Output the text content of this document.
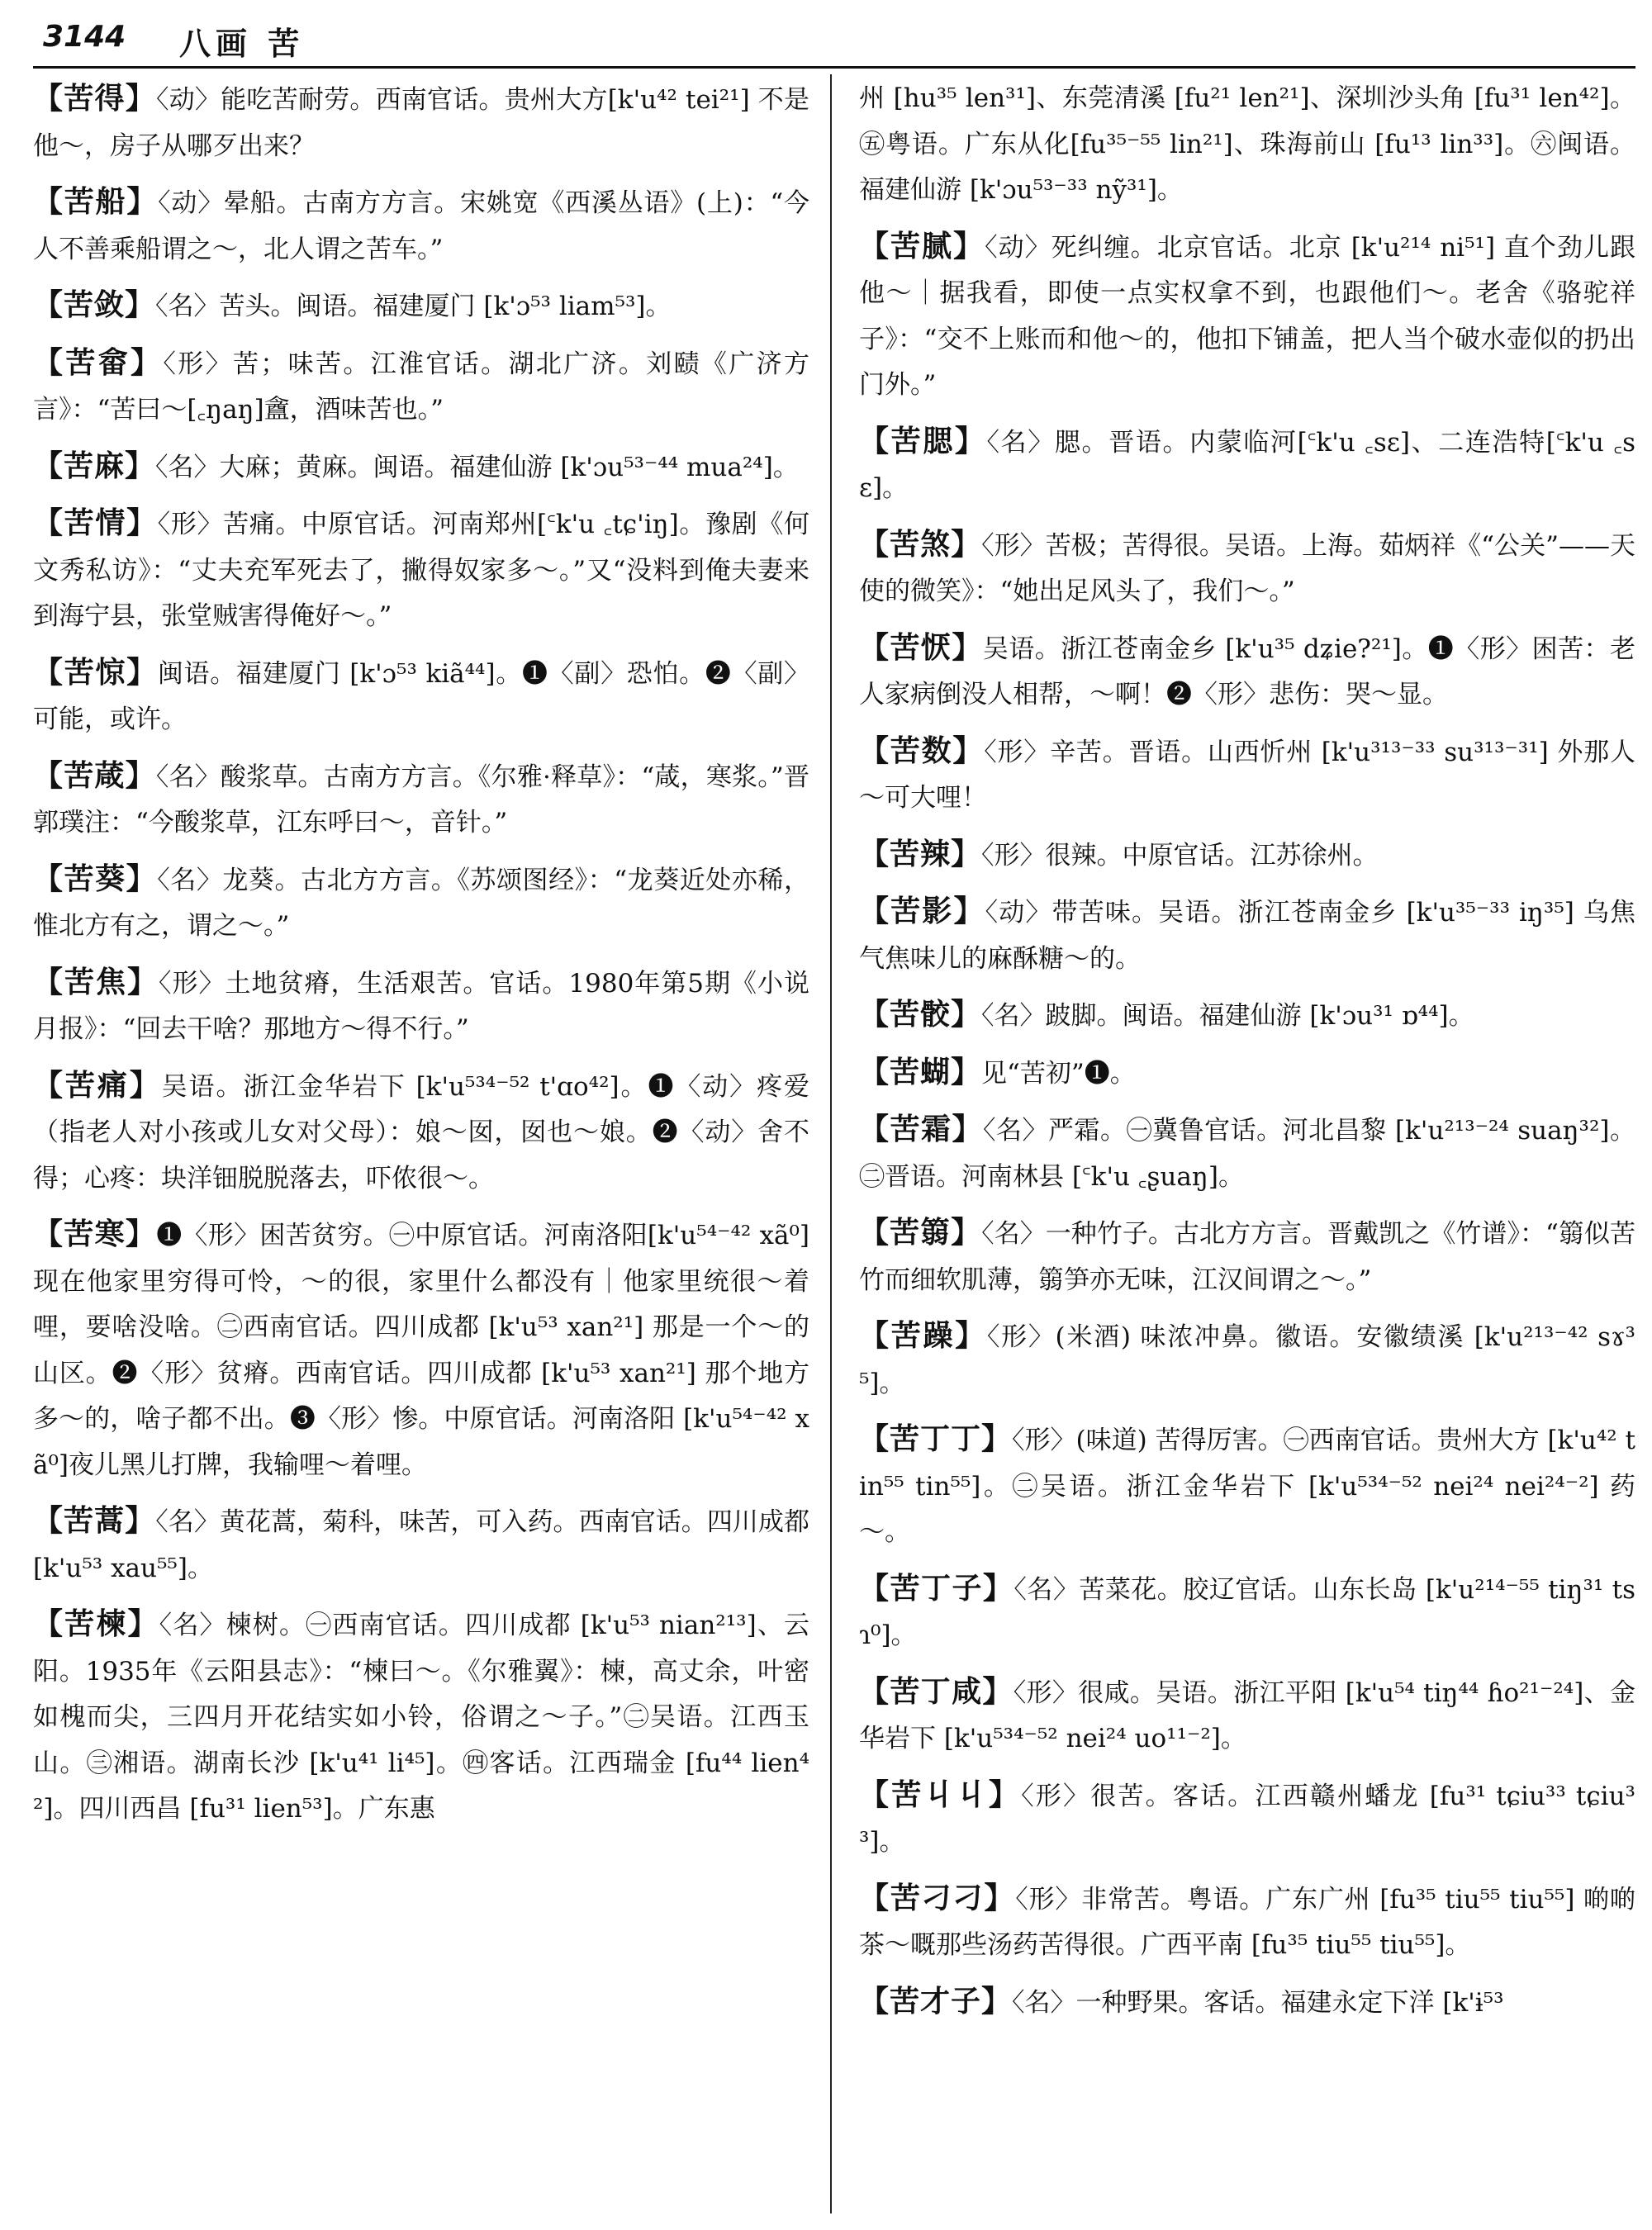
3144 八画 苦
【苦得】〈动〉能吃苦耐劳。西南官话。贵州大方[k'u⁴² tei²¹] 不是他～，房子从哪歹出来？
【苦船】〈动〉晕船。古南方方言。宋姚宽《西溪丛语》(上)：“今人不善乘船谓之～，北人谓之苦车。”
【苦敛】〈名〉苦头。闽语。福建厦门 [k'ɔ⁵³ liam⁵³]。
【苦畲】〈形〉苦；味苦。江淮官话。湖北广济。刘赜《广济方言》：“苦曰～[꜀ŋaŋ]盦，酒味苦也。”
【苦麻】〈名〉大麻；黄麻。闽语。福建仙游 [k'ɔu⁵³⁻⁴⁴ mua²⁴]。
【苦情】〈形〉苦痛。中原官话。河南郑州[꜂k'u ꜀tɕ'iŋ]。豫剧《何文秀私访》：“丈夫充军死去了，撇得奴家多～。”又“没料到俺夫妻来到海宁县，张堂贼害得俺好～。”
【苦惊】闽语。福建厦门 [k'ɔ⁵³ kiã⁴⁴]。❶〈副〉恐怕。❷〈副〉可能，或许。
【苦葴】〈名〉酸浆草。古南方方言。《尔雅·释草》：“葴，寒浆。”晋郭璞注：“今酸浆草，江东呼曰～，音针。”
【苦葵】〈名〉龙葵。古北方方言。《苏颂图经》：“龙葵近处亦稀，惟北方有之，谓之～。”
【苦焦】〈形〉土地贫瘠，生活艰苦。官话。1980年第5期《小说月报》：“回去干啥？那地方～得不行。”
【苦痛】吴语。浙江金华岩下 [k'u⁵³⁴⁻⁵² t'ɑo⁴²]。❶〈动〉疼爱（指老人对小孩或儿女对父母）：娘～囡，囡也～娘。❷〈动〉舍不得；心疼：块洋钿脱脱落去，吓侬很～。
【苦寒】❶〈形〉困苦贫穷。㊀中原官话。河南洛阳[k'u⁵⁴⁻⁴² xã⁰] 现在他家里穷得可怜，～的很，家里什么都没有｜他家里统很～着哩，要啥没啥。㊁西南官话。四川成都 [k'u⁵³ xan²¹] 那是一个～的山区。❷〈形〉贫瘠。西南官话。四川成都 [k'u⁵³ xan²¹] 那个地方多～的，啥子都不出。❸〈形〉惨。中原官话。河南洛阳 [k'u⁵⁴⁻⁴² xã⁰]夜儿黑儿打牌，我输哩～着哩。
【苦蒿】〈名〉黄花蒿，菊科，味苦，可入药。西南官话。四川成都 [k'u⁵³ xau⁵⁵]。
【苦楝】〈名〉楝树。㊀西南官话。四川成都 [k'u⁵³ nian²¹³]、云阳。1935年《云阳县志》：“楝曰～。《尔雅翼》：楝，高丈余，叶密如槐而尖，三四月开花结实如小铃，俗谓之～子。”㊁吴语。江西玉山。㊂湘语。湖南长沙 [k'u⁴¹ li⁴⁵]。㊃客话。江西瑞金 [fu⁴⁴ lien⁴²]。四川西昌 [fu³¹ lien⁵³]。广东惠
州 [hu³⁵ len³¹]、东莞清溪 [fu²¹ len²¹]、深圳沙头角 [fu³¹ len⁴²]。㊄粤语。广东从化[fu³⁵⁻⁵⁵ lin²¹]、珠海前山 [fu¹³ lin³³]。㊅闽语。福建仙游 [k'ɔu⁵³⁻³³ nỹ³¹]。
【苦腻】〈动〉死纠缠。北京官话。北京 [k'u²¹⁴ ni⁵¹] 直个劲儿跟他～｜据我看，即使一点实权拿不到，也跟他们～。老舍《骆驼祥子》：“交不上账而和他～的，他扣下铺盖，把人当个破水壶似的扔出门外。”
【苦腮】〈名〉腮。晋语。内蒙临河[꜂k'u ꜀sɛ]、二连浩特[꜂k'u ꜀sɛ]。
【苦煞】〈形〉苦极；苦得很。吴语。上海。茹炳祥《“公关”——天使的微笑》：“她出足风头了，我们～。”
【苦恹】吴语。浙江苍南金乡 [k'u³⁵ dʑie?²¹]。❶〈形〉困苦：老人家病倒没人相帮，～啊！❷〈形〉悲伤：哭～显。
【苦数】〈形〉辛苦。晋语。山西忻州 [k'u³¹³⁻³³ su³¹³⁻³¹] 外那人～可大哩！
【苦辣】〈形〉很辣。中原官话。江苏徐州。
【苦影】〈动〉带苦味。吴语。浙江苍南金乡 [k'u³⁵⁻³³ iŋ³⁵] 乌焦气焦味儿的麻酥糖～的。
【苦骹】〈名〉跛脚。闽语。福建仙游 [k'ɔu³¹ ɒ⁴⁴]。
【苦蝴】见“苦初”❶。
【苦霜】〈名〉严霜。㊀冀鲁官话。河北昌黎 [k'u²¹³⁻²⁴ suaŋ³²]。㊁晋语。河南林县 [꜂k'u ꜀ʂuaŋ]。
【苦篛】〈名〉一种竹子。古北方方言。晋戴凯之《竹谱》：“篛似苦竹而细软肌薄，篛笋亦无味，江汉间谓之～。”
【苦躁】〈形〉(米酒) 味浓冲鼻。徽语。安徽绩溪 [k'u²¹³⁻⁴² sɤ³⁵]。
【苦丁丁】〈形〉(味道) 苦得厉害。㊀西南官话。贵州大方 [k'u⁴² tin⁵⁵ tin⁵⁵]。㊁吴语。浙江金华岩下 [k'u⁵³⁴⁻⁵² nei²⁴ nei²⁴⁻²] 药～。
【苦丁子】〈名〉苦菜花。胶辽官话。山东长岛 [k'u²¹⁴⁻⁵⁵ tiŋ³¹ tsɿ⁰]。
【苦丁咸】〈形〉很咸。吴语。浙江平阳 [k'u⁵⁴ tiŋ⁴⁴ ɦo²¹⁻²⁴]、金华岩下 [k'u⁵³⁴⁻⁵² nei²⁴ uo¹¹⁻²]。
【苦丩丩】〈形〉很苦。客话。江西赣州蟠龙 [fu³¹ tɕiu³³ tɕiu³³]。
【苦刁刁】〈形〉非常苦。粤语。广东广州 [fu³⁵ tiu⁵⁵ tiu⁵⁵] 啲啲茶～嘅那些汤药苦得很。广西平南 [fu³⁵ tiu⁵⁵ tiu⁵⁵]。
【苦才子】〈名〉一种野果。客话。福建永定下洋 [k'ɨ⁵³
